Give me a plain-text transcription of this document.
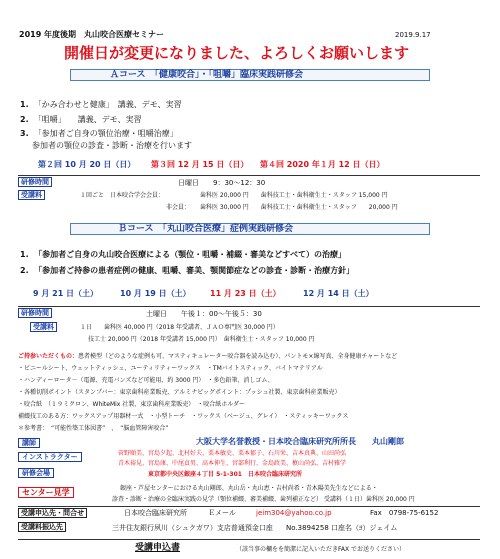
2019 年度後期　丸山咬合医療セミナー	2019.9.17
開催日が変更になりました、よろしくお願いします
Ａコース　「健康咬合」・「咀嚼」臨床実践研修会
1. 「かみ合わせと健康」　講義、デモ、実習
2. 「咀嚼」　　講義、デモ、実習
3. 「参加者ご自身の顎位治療・咀嚼治療」
参加者の顎位の診査・診断・治療を行います
第２回 10 月 20 日（日） 第３回 12 月 15 日（日） 第４回 2020 年１月 12 日（日）
研修時間	日曜日　　9：30～12：30
受講料	１回ごと　日本咬合学会会員：	歯科医 20,000 円　　歯科技工士・歯科衛生士・スタッフ 15,000 円
非会員： 歯科医 30,000 円　　歯科技工士・歯科衛生士・スタッフ　　20,000 円
Ｂコース　「丸山咬合医療」症例実践研修会
1. 「参加者ご自身の丸山咬合医療による（顎位・咀嚼・補綴・審美などすべて）の治療」
2. 「参加者ご持参の患者症例の健康、咀嚼、審美、顎関節症などの診査・診断・治療方針」
9 月 21 日（土）	10 月 19 日（土） 11 月 23 日（土）	12 月 14 日（土）
研修時間	土曜日　　午後１：00～午後５：30
受講料	１日　　歯科医 40,000 円（2018 年受講者、ＪＡＯ専門医 30,000 円）
技工士 20,000 円（2018 年受講者 15,000 円）　歯科衛生士・スタッフ 10,000 円
ご持参いただくもの：患者模型（どのような症例も可、マスティキュレーター咬合器を読み込む）、パントモ×線写真、全身健康チャートなど
・ビニールシート、ウェットティッシュ、ユーティリティーワックス　・TMバイトスティック、バイトマテリアル
・ハンディーロータ－（電源、充電バンズなど可能用、約 3000 円）　・多色鉛筆、消しゴム、
・各種切削ポイント（スタンプバー：東京歯科産業販売、アルミナビッグポイント：プッシュ社製、東京歯科産業販売）
・咬合紙　（１９ミクロン、WhiteMix 社製、東京歯科産業販売）　・咬合紙ホルダー
補綴技工のある方：ワックスアップ用器材一式　・小型トーチ　・ワックス（ベージュ、グレイ）　・スティッキーワックス
＊参考書：　“可能性築工体図書”　、　“脳血管障害咬合”
講師	大阪大学名誉教授・日本咬合臨床研究所所長　　丸山剛郎
インストラクター	菅野順美、宮島夕起、北村好夫、栗本敏史、栗本郁子、石川栄、吉本真典、山田尚弘
青木裕見、宮島康、中尾貞男、高本伸生、宮部利行、金島政美、槙山尚弘、吉村雅学
研修会場	東京都中央区銀座４丁目 5-1-301　日本咬合臨床研究所
センター見学	銀座・芦屋センターにおける丸山剛郎、丸山岳・丸山恵・吉村尚希・青木陽美先生などによる・
診査・診断・治療の全臨床実践の見学（顎位補綴、審美補綴、歯列補正など） 受講料（１日）歯科医 20,000 円
受講申込先・問合せ	日本咬合臨床研究所	Ｅメール	jeim304@yahoo.co.jp	Fax　0798-75-6152
受講料振込先	三井住友銀行夙川（シュクガワ）支店普通預金口座 No.3894258 口座名（ﾖ）ジェイム
受講申込書	（該当事の欄をを簡潔に記入いただきFAX でお送りください）
